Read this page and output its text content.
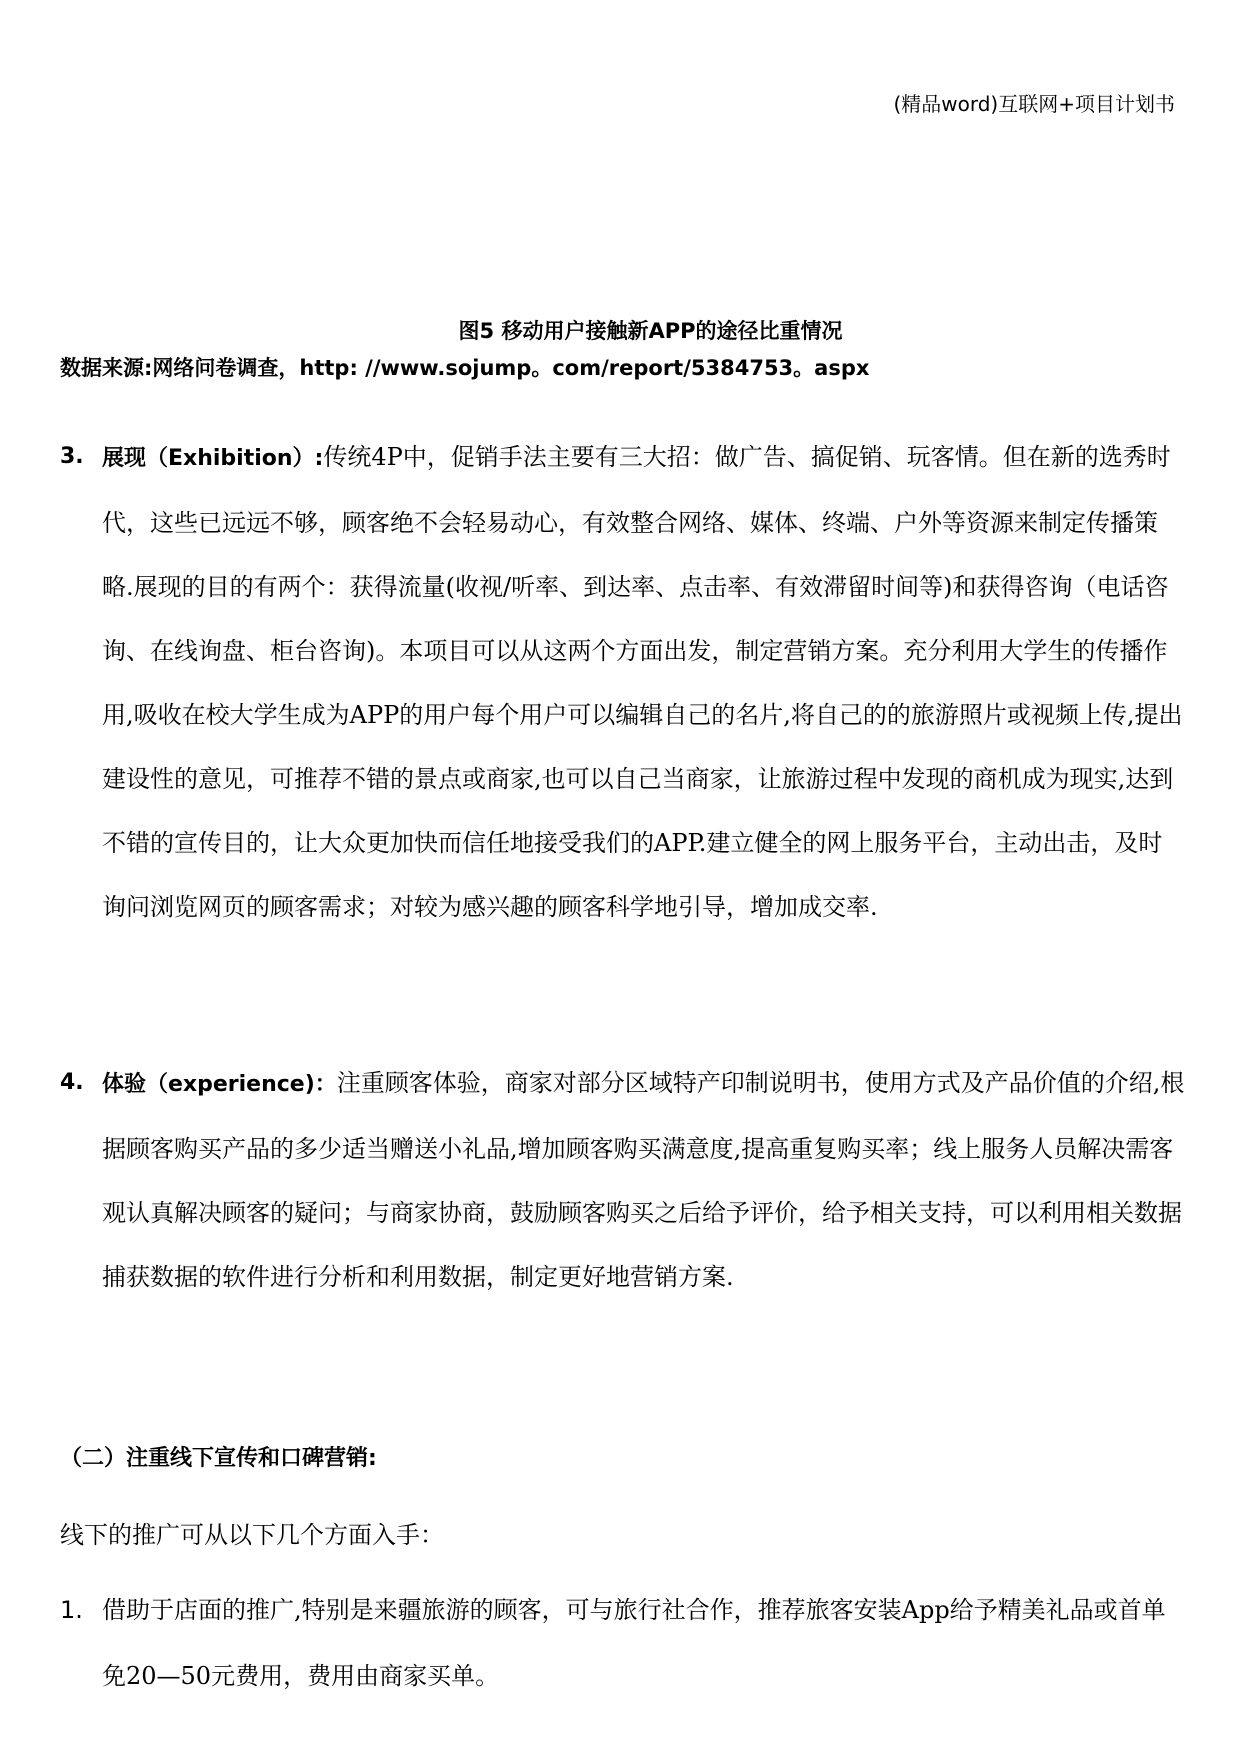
(精品word)互联网+项目计划书
图5 移动用户接触新APP的途径比重情况
数据来源:网络问卷调查，http: //www.sojump。com/report/5384753。aspx
3. 展现（Exhibition）:传统4P中，促销手法主要有三大招：做广告、搞促销、玩客情。但在新的选秀时代，这些已远远不够，顾客绝不会轻易动心，有效整合网络、媒体、终端、户外等资源来制定传播策略.展现的目的有两个：获得流量(收视/听率、到达率、点击率、有效滞留时间等)和获得咨询（电话咨询、在线询盘、柜台咨询)。本项目可以从这两个方面出发，制定营销方案。充分利用大学生的传播作用,吸收在校大学生成为APP的用户每个用户可以编辑自己的名片,将自己的的旅游照片或视频上传,提出建设性的意见，可推荐不错的景点或商家,也可以自己当商家，让旅游过程中发现的商机成为现实,达到不错的宣传目的，让大众更加快而信任地接受我们的APP.建立健全的网上服务平台，主动出击，及时询问浏览网页的顾客需求；对较为感兴趣的顾客科学地引导，增加成交率.
4. 体验（experience)：注重顾客体验，商家对部分区域特产印制说明书，使用方式及产品价值的介绍,根据顾客购买产品的多少适当赠送小礼品,增加顾客购买满意度,提高重复购买率；线上服务人员解决需客观认真解决顾客的疑问；与商家协商，鼓励顾客购买之后给予评价，给予相关支持，可以利用相关数据捕获数据的软件进行分析和利用数据，制定更好地营销方案.
（二）注重线下宣传和口碑营销:
线下的推广可从以下几个方面入手：
1. 借助于店面的推广,特别是来疆旅游的顾客，可与旅行社合作，推荐旅客安装App给予精美礼品或首单免20—50元费用，费用由商家买单。
